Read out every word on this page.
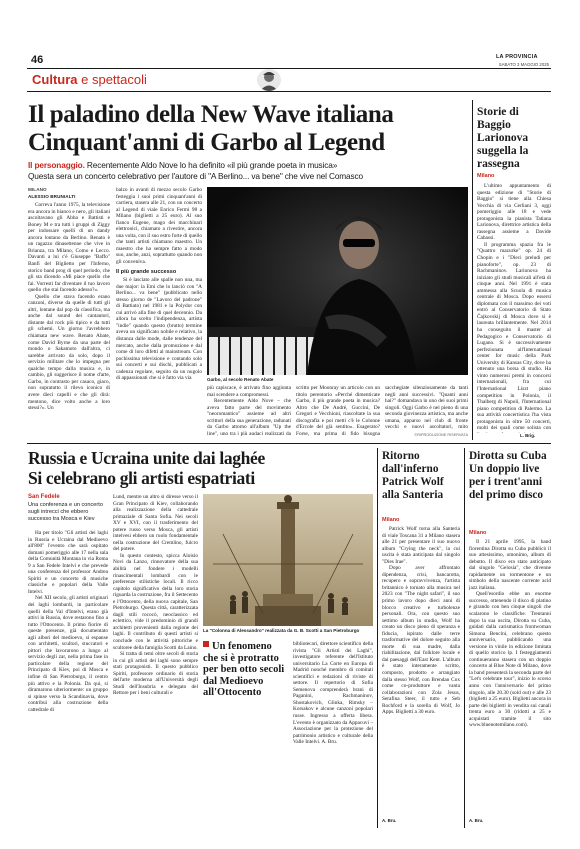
46	LA PROVINCIA
SABATO 3 MAGGIO 2025
Cultura e spettacoli
Il paladino della New Wave italiana
Cinquant'anni di Garbo al Legend
Il personaggio. Recentemente Aldo Nove lo ha definito «il più grande poeta in musica»
Questa sera un concerto celebrativo per l'autore di "A Berlino... va bene" che vive nel Comasco
MILANO
ALESSIO BRUNIALTI

Correva l'anno 1975, la televisione era ancora in bianco e nero, gli italiani ascoltavano gli Abba e Battisti e Boney M e tra tutti i gruppi di Ziggy per indossare quelli di un dandy ancora lontano da Berlino. Renato è un ragazzo dinasettenne che vive in Brianza, tra Milano, Como e Lecco. Davanti a lui c'è Giuseppe "Baffo" Banfi del Biglietto per l'Inferno, storico band prog di quel periodo, che gli sta dicendo «Mi piace quello che fai. Vorresti far diventare il tuo lavoro quello che stai facendo adesso?».

Quello che stava facendo erano canzoni, diverse da quelle di tutti gli altri, lontane dal pop da classifica, ma anche dal sound dei cantautori, distante dal rock più tipico e da tutti gli schemi. Un giorno l'avrebbero chiamata new wave. Renato Abate, come David Byrne da una parte del mondo o Sakamoto dall'altra, ci sarebbe arrivato da solo, dopo il servizio militare che lo impegna per qualche tempo dalla musica e, in cambio, gli suggerisce il nome d'arte, Garbo, in contrasto per casaco, giaco, non sopratutto il rilevo iconico di avere dieci capelli e che gli dirà: mentono, dice volto anche a loro stessi?». Un

balzo in avanti di mezzo secolo Garbo festeggia i suoi primi cinquant'anni di carriera, stasera alle 21, con un concerto al Legend di viale Enrico Fermi 98 a Milano (biglietti a 25 euro). Al suo fianco Eugene, mago dei macchinari elettronici, chiamato a rivestire, ancora una volta, con il suo estro forte di quello che tanti artisti chiamano maestro. Un maestro che ha sempre fatto a modo suo, anche, anzi, soprattutto quando non gli conveniva.

Il più grande successo

Si è lasciato alle spalle non una, ma due major: la Emi che lo lanciò con "A Berlino... va bene" (pubblicato nello stesso giorno de "Lavoro del padrone" di Battiato) nel 1981 e la Polydor con cui arrivò alla fine di quel decennio. Da allora ha scelto l'indipendenza, artista "indie" quando questo (brutto) termine aveva un significato nobile e relativo, la distanza dalle mode, dalle tendenze del mercato, anche dalla promozione e dal come di loro difetti al mainstream. Con pochissima televisione e contando solo sui concerti e sui dischi, pubblicati a cadenza regolare, seguito da un nugolo di appassionati che si è fatto via via	Garbo, al secolo Renato Abate

più capiscace, è arrivato fino aggiunta mai scendere a compromessi.

Recentemente Aldo Nove – che aveva fatto parte del movimento "neoromantico" assieme ad altri scrittori della sua generazione, radunati da Garbo attorno all'album "Up the line", uno tra i più audaci realizzati da

scritto per Moonray un articolo con un titolo perentorio «Perché dimenticate Garbo, il più grande poeta in musica? Altro che De André, Guccini, De Gregori e Vecchioni, riascoltate la sua discografia e poi metti c'è le Colonne d'Ercole del già sentito». Esagerato? Forse, ma prima di fido bisogna

sacchegiate silenziosamente da tanti negli anni successivi. "Quanti anni hai?" domandava in uno dei suoi primi singoli. Oggi Garbo è nel pieno di una seconda giovinezza artistica, ma anche umana, apparso nel club di fronte vecchi e nuovi ascoltatori, mito

©RIPRODUZIONE RISERVATA
Storie di Baggio Larionova suggella la rassegna
Milano

L'ultimo appuntamento di questa edizione di "Storie di Baggio" si tiene alla Chiesa Vecchia di via Cerliani 3, oggi pomeriggio alle 18 e vede protagonista la pianista Tatiana Larionova, direttrice artistica della rassegna assieme a Davide Cabassi.

Il programma spazia fra le "Quattro mazurke" op. 24 di Chopin e i "Dieci preludi per pianoforte", op. 23 di Rachmaninov. Larionova ha iniziato gli studi musicali all'età di cinque anni. Nel 1991 è stata ammessa alla Scuola di musica centrale di Mosca. Dopo essersi diplomata con il massimo dei voti entrò al Conservatorio di Stato Čajkovskij di Mosca dove si è laureata brillantemente. Nel 2014 ha conseguito il master al Pedagogico e Conservatorio di Lugano. Si è successivamente perfezionata all'International center for music della Park University di Kansas City, dove ha ottenuto una borsa di studio. Ha vinto numerosi premi in concorsi internazionali, fra cui l'International Liszt piano competition in Polonia, il Thalberg di Napoli, l'International piano competition di Palermo. La sua attività concertistica l'ha vista protagonista in oltre 50 concerti, molti dei quali come solista con

L. Brig.
Russia e Ucraina unite dai laghée
Si celebrano gli artisti espatriati
San Fedele
Una conferenza e un concerto sugli intrecci che ebbero successo tra Mosca e Kiev

Ha per titolo "Gli artisti dei laghi in Russia e Ucraina dal Medioevo all'800" l'evento che sarà ospitato domani pomeriggio alle 17 nella sala della Comunità Montana in via Roma 9 a San Fedele Intelvi e che prevede una conferenza del professor Andrea Spiriti e un concerto di musiche classiche e popolari della Valle Intelvi.

Nel XII secolo, gli artisti originari dei laghi lombardi, in particolare quelli della Val d'Intelvi, erano già attivi in Russia, dove restarono fino a tutto l'Ottocento. Il primo fiorire di queste presenze, già documentato agli albori del medioevo, si espanse con architetti, scultori, stuccatori e pittori che lavorarono a lungo al servizio degli zar, nella prima fase in particolare della regione del Principato di Kiev, poi di Mosca e infine di San Pietroburgo, il centro più attivo e la Polonia. Da qui, si diramarono ulteriormente: un gruppo si spinse verso la Scandinavia, dove contribuì alla costruzione della cattedrale di

Lund, mentre un altro si diresse verso il Gran Principato di Kiev, collaborando alla realizzazione della cattedrale primaziale di Santa Sofia. Nei secoli XV e XVI, con il trasferimento del potere russo verso Mosca, gli artisti intelvesi ebbero un ruolo fondamentale nella costruzione del Cremlino, fulcro del potere.

In questo contesto, spicca Aloisio Novi da Lanzo, rinnovatore della sua abilità nel fondere i modelli rinascimentali lombardi con le preferenze stilistiche locali. Il ricco capitolo significativo della loro storia riguarda la costruzione, fra il Settecento e l'Ottocento, della nuova capitale, San Pietroburgo. Questa città, caratterizzata dagli stili rococò, neoclassico ed eclettico, vide il predominio di grandi architetti provenienti dalla regione dei laghi. Il contributo di questi artisti si conclude con le attività pittoriche e scultoree della famiglia Scotti da Laino.

Si tratta di temi oltre secoli di storia in cui gli artisti dei laghi sono sempre stati protagonisti. Il questo pubblico Spiriti, professore ordinario di storia dell'arte moderna all'Università degli Studi dell'Insubria e delegato del Rettore per i beni culturali e

La "Colonna di Alessandro" realizzata da G. B. Scotti a San Pietroburgo
Un fenomeno che si è protratto per ben otto secoli dal Medioevo all'Ottocento

bibliotecari, direttore scientifico della rivista "Gli Artisti dei Laghi", investigatore referente dell'Istituto universitario La Corte en Europa di Madrid nonché membro di comitati scientifici e redazioni di riviste di settore. Il repertorio di Sofia Semenova comprenderà brani di Paganini, Rachmaninov, Shostakovich, Glinka, Rimsky – Korsakov e alcune canzoni popolari russe. Ingresso a offerta libera. L'evento è organizzato da Appacuvi – Associazione per la protezione del patrimonio artistico e culturale della Valle Intelvi. A. Bru.

Ritorno dall'inferno Patrick Wolf alla Santeria
Milano

Patrick Wolf torna alla Santeria di viale Toscana 31 a Milano stasera alle 21 per presentare il suo nuovo album "Crying the neck", la cui uscita è stata anticipata dal singolo "Dies Irae".

Dopo aver affrontato dipendenza, crisi, bancarotta, recupero e sopravvivenza, l'artista britannico è tornato alla musica nel 2023 con "The night safari", il suo primo lavoro dopo dieci anni di blocco creativo e turbolenze personali. Ora, con questo suo settimo album in studio, Wolf ha creato un disco pieno di speranza e fiducia, ispirato dalle terre trasformative del dolore seguito alla morte di sua madre, dalla riabilitazione, dal folklore locale e dai paesaggi dell'East Kent. L'album è stato interamente scritto, composto, prodotto e arrangiato dalla stesso Wolf, con Brendan Cox come co-produttore e vanta collaborazioni con Zola Jesus, Serafina Steer, il tutto e Seb Rochford e la sorella di Wolf, Jo Apps. Biglietti a 30 euro.

A. Bru.
Dirotta su Cuba Un doppio live per i trent'anni del primo disco
Milano

Il 21 aprile 1995, la band fiorentina Dirotta su Cuba pubblicò il suo attesissimo, omonimo, album di debutto. Il disco era stato anticipato dal singolo "Gelosia", che divenne rapidamente un tormentone e un simbolo della nascente corrente acid jazz italiana.

Quell'esordio ebbe un enorme successo, ottenendo il disco di platino e girando con ben cinque singoli che scalarono le classifiche. Trentanni dopo la sua uscita, Dirotta su Cuba, guidati dalla carismatica frontwoman Simona Bencini, celebrano questo anniversario, pubblicando una versione in vinile in edizione limitata di quello storico lp. I festeggiamenti continueranno stasera con un doppio concerto al Blue Note di Milano, dove la band presenterà la seconda parte del "Let's celebrate tour", inizio lo scorso anno con l'anniversario del primo singolo, alle 20.30 (sold out) e alle 23 (biglietti a 25 euro). Biglietti ancora in parte dei biglietti in vendita sui canali trenta euro a 30 (ridotti a 25 e acquistati tramite il sito www.bluenotemilano.com).

A. Bru.
